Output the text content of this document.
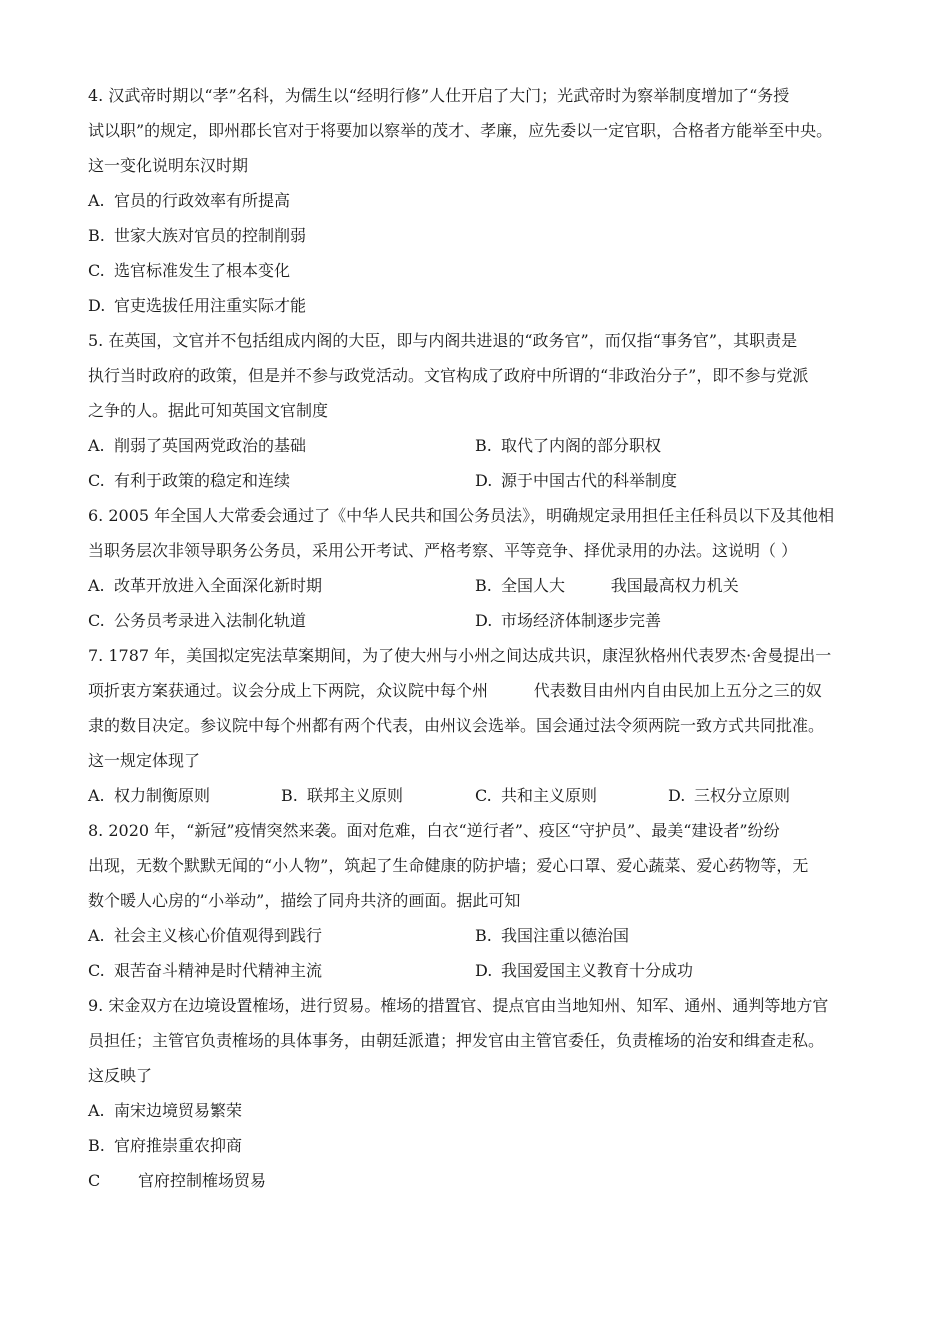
4. 汉武帝时期以“孝”名科，为儒生以“经明行修”人仕开启了大门；光武帝时为察举制度增加了“务授
试以职”的规定，即州郡长官对于将要加以察举的茂才、孝廉，应先委以一定官职，合格者方能举至中央。
这一变化说明东汉时期
A. 官员的行政效率有所提高
B. 世家大族对官员的控制削弱
C. 选官标准发生了根本变化
D. 官吏选拔任用注重实际才能
5. 在英国，文官并不包括组成内阁的大臣，即与内阁共进退的“政务官”，而仅指“事务官”，其职责是
执行当时政府的政策，但是并不参与政党活动。文官构成了政府中所谓的“非政治分子”，即不参与党派
之争的人。据此可知英国文官制度
A. 削弱了英国两党政治的基础	B. 取代了内阁的部分职权
C. 有利于政策的稳定和连续	D. 源于中国古代的科举制度
6. 2005 年全国人大常委会通过了《中华人民共和国公务员法》，明确规定录用担任主任科员以下及其他相
当职务层次非领导职务公务员，采用公开考试、严格考察、平等竞争、择优录用的办法。这说明（ ）
A. 改革开放进入全面深化新时期	B. 全国人大         我国最高权力机关
C. 公务员考录进入法制化轨道	D. 市场经济体制逐步完善
7. 1787 年，美国拟定宪法草案期间，为了使大州与小州之间达成共识，康涅狄格州代表罗杰·舍曼提出一
项折衷方案获通过。议会分成上下两院，众议院中每个州         代表数目由州内自由民加上五分之三的奴
隶的数目决定。参议院中每个州都有两个代表，由州议会选举。国会通过法令须两院一致方式共同批准。
这一规定体现了
A. 权力制衡原则	B. 联邦主义原则	C. 共和主义原则	D. 三权分立原则
8. 2020 年，“新冠”疫情突然来袭。面对危难，白衣“逆行者”、疫区“守护员”、最美“建设者”纷纷
出现，无数个默默无闻的“小人物”，筑起了生命健康的防护墙；爱心口罩、爱心蔬菜、爱心药物等，无
数个暖人心房的“小举动”，描绘了同舟共济的画面。据此可知
A. 社会主义核心价值观得到践行	B. 我国注重以德治国
C. 艰苦奋斗精神是时代精神主流	D. 我国爱国主义教育十分成功
9. 宋金双方在边境设置榷场，进行贸易。榷场的措置官、提点官由当地知州、知军、通州、通判等地方官
员担任；主管官负责榷场的具体事务，由朝廷派遣；押发官由主管官委任，负责榷场的治安和缉查走私。
这反映了
A. 南宋边境贸易繁荣
B. 官府推崇重农抑商
C 官府控制榷场贸易
